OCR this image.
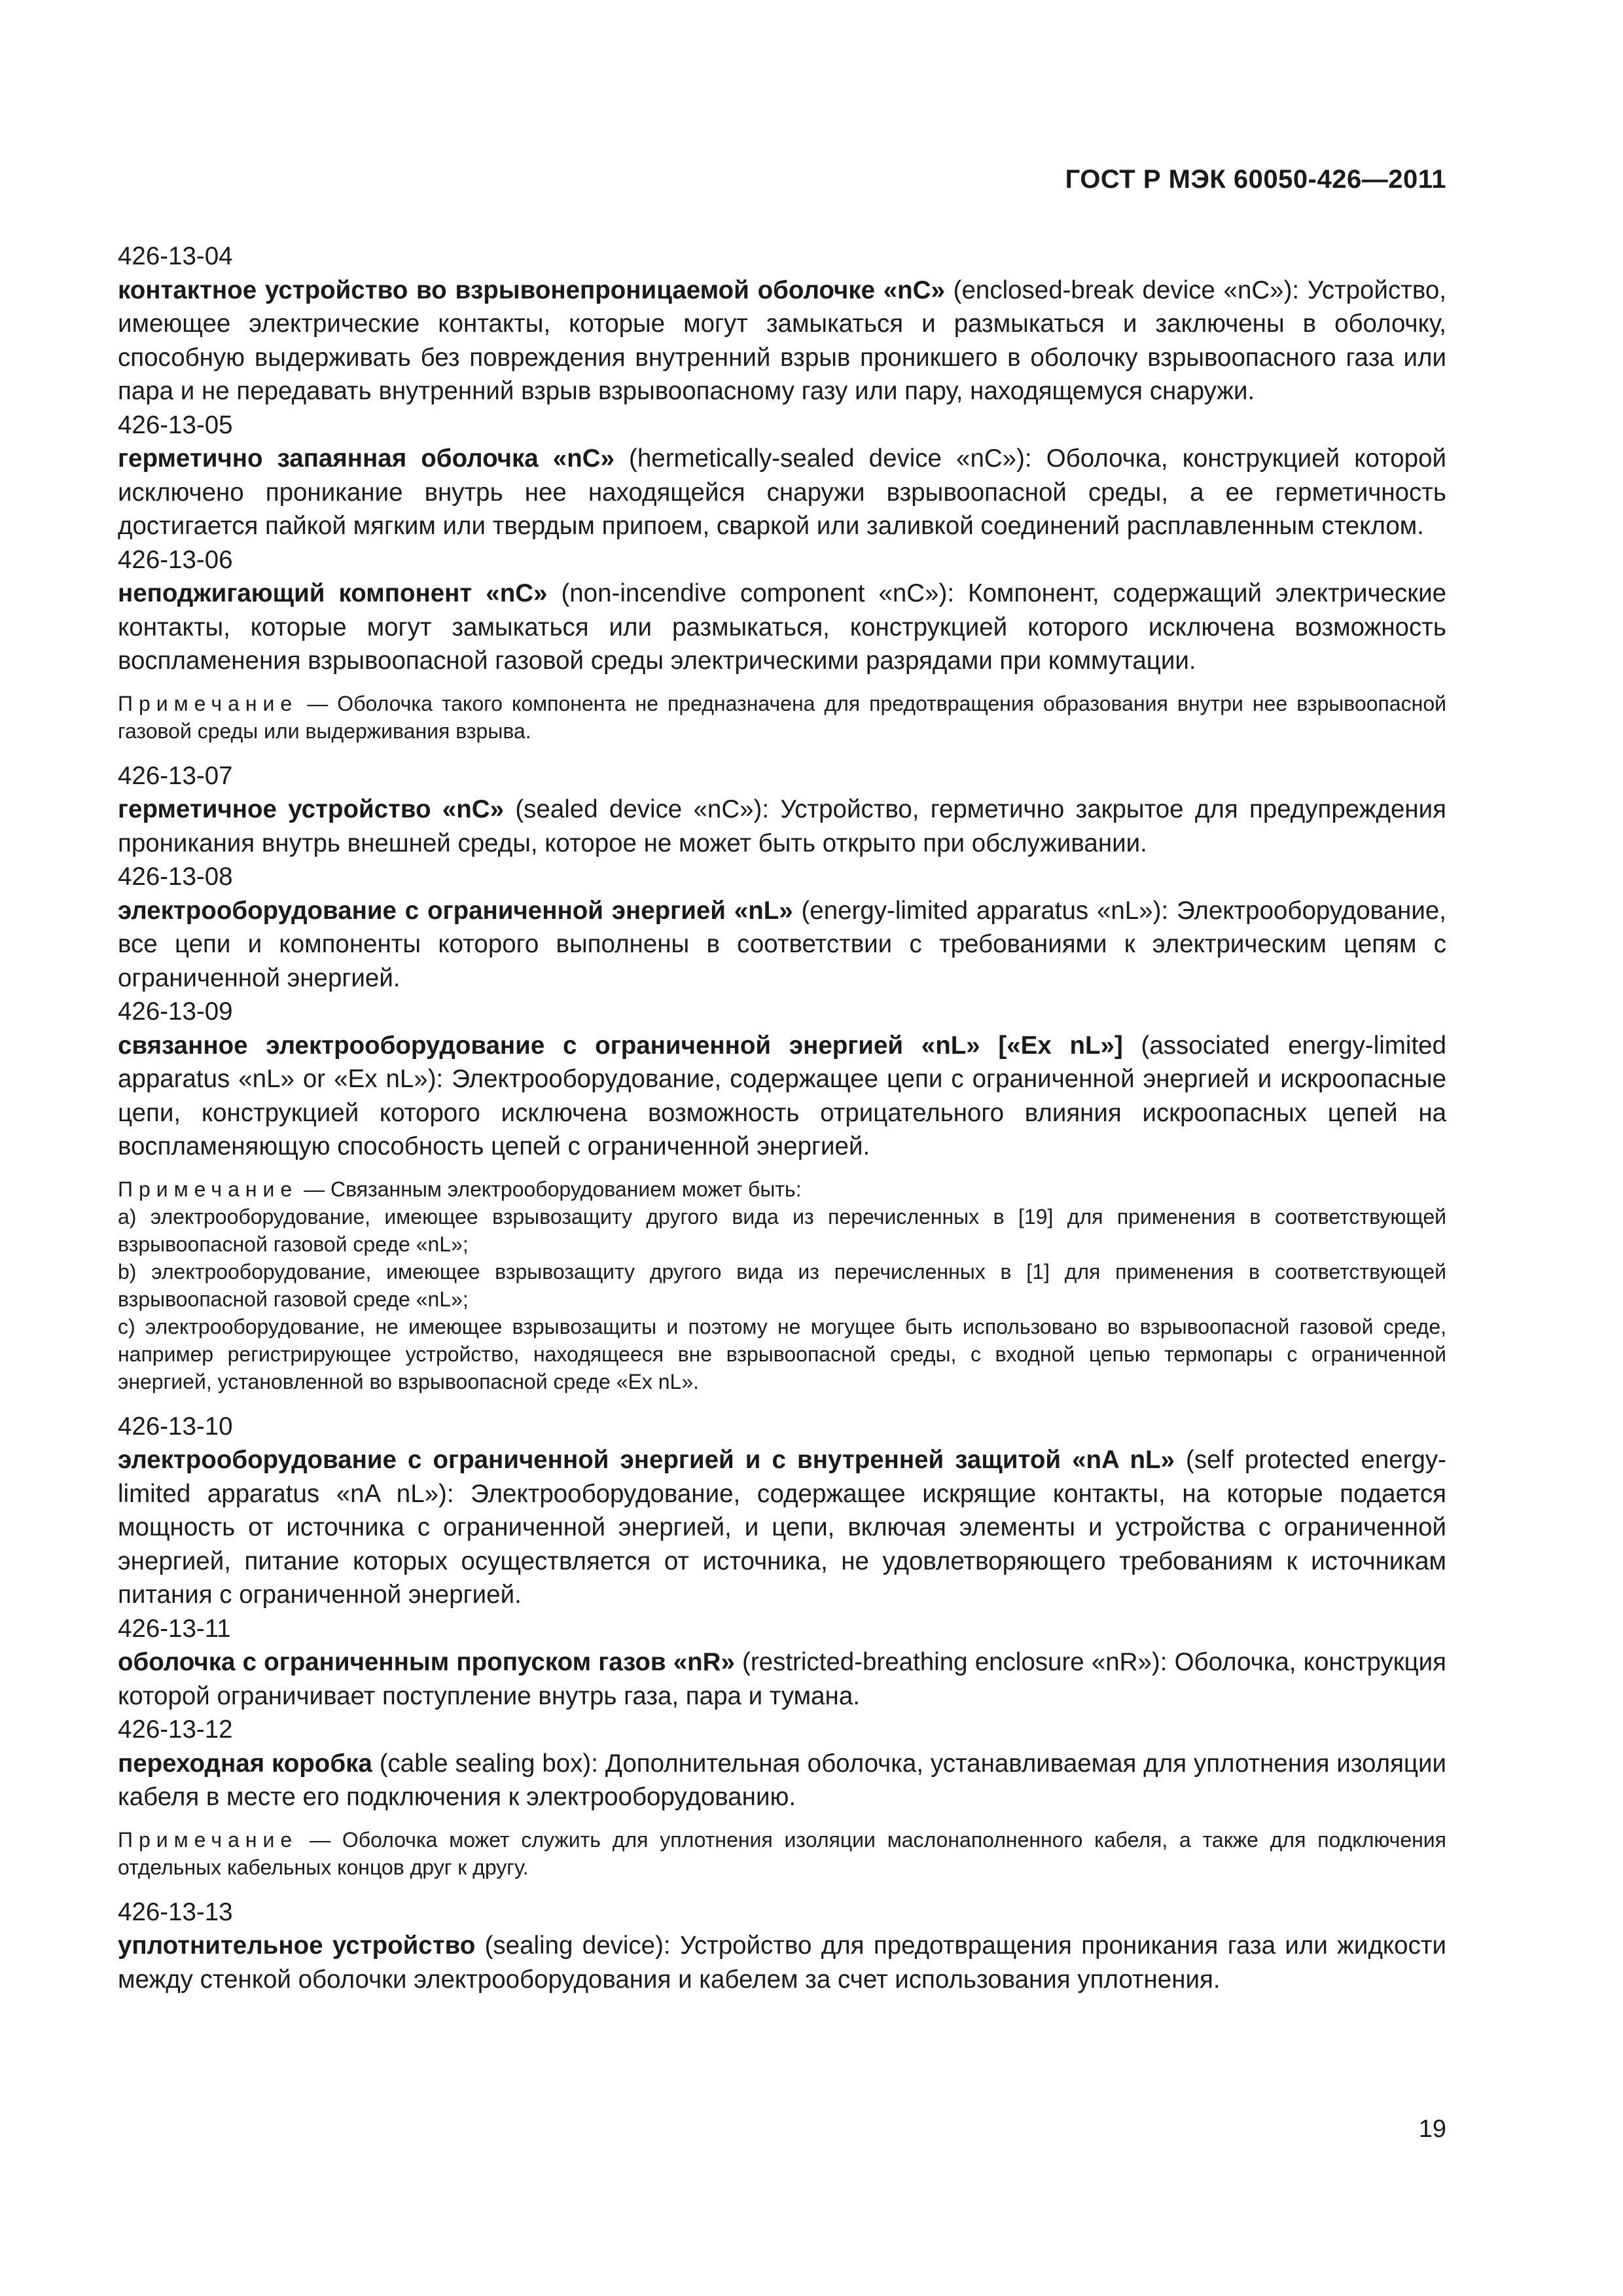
ГОСТ Р МЭК 60050-426—2011
426-13-04
контактное устройство во взрывонепроницаемой оболочке «nC» (enclosed-break device «nC»): Устройство, имеющее электрические контакты, которые могут замыкаться и размыкаться и заключены в оболочку, способную выдерживать без повреждения внутренний взрыв проникшего в оболочку взрывоопасного газа или пара и не передавать внутренний взрыв взрывоопасному газу или пару, находящемуся снаружи.
426-13-05
герметично запаянная оболочка «nC» (hermetically-sealed device «nC»): Оболочка, конструкцией которой исключено проникание внутрь нее находящейся снаружи взрывоопасной среды, а ее герметичность достигается пайкой мягким или твердым припоем, сваркой или заливкой соединений расплавленным стеклом.
426-13-06
неподжигающий компонент «nC» (non-incendive component «nC»): Компонент, содержащий электрические контакты, которые могут замыкаться или размыкаться, конструкцией которого исключена возможность воспламенения взрывоопасной газовой среды электрическими разрядами при коммутации.
Примечание — Оболочка такого компонента не предназначена для предотвращения образования внутри нее взрывоопасной газовой среды или выдерживания взрыва.
426-13-07
герметичное устройство «nC» (sealed device «nC»): Устройство, герметично закрытое для предупреждения проникания внутрь внешней среды, которое не может быть открыто при обслуживании.
426-13-08
электрооборудование с ограниченной энергией «nL» (energy-limited apparatus «nL»): Электрооборудование, все цепи и компоненты которого выполнены в соответствии с требованиями к электрическим цепям с ограниченной энергией.
426-13-09
связанное электрооборудование с ограниченной энергией «nL» [«Ex nL»] (associated energy-limited apparatus «nL» or «Ex nL»): Электрооборудование, содержащее цепи с ограниченной энергией и искроопасные цепи, конструкцией которого исключена возможность отрицательного влияния искроопасных цепей на воспламеняющую способность цепей с ограниченной энергией.
Примечание — Связанным электрооборудованием может быть:
a) электрооборудование, имеющее взрывозащиту другого вида из перечисленных в [19] для применения в соответствующей взрывоопасной газовой среде «nL»;
b) электрооборудование, имеющее взрывозащиту другого вида из перечисленных в [1] для применения в соответствующей взрывоопасной газовой среде «nL»;
c) электрооборудование, не имеющее взрывозащиты и поэтому не могущее быть использовано во взрывоопасной газовой среде, например регистрирующее устройство, находящееся вне взрывоопасной среды, с входной цепью термопары с ограниченной энергией, установленной во взрывоопасной среде «Ex nL».
426-13-10
электрооборудование с ограниченной энергией и с внутренней защитой «nA nL» (self protected energy-limited apparatus «nA nL»): Электрооборудование, содержащее искрящие контакты, на которые подается мощность от источника с ограниченной энергией, и цепи, включая элементы и устройства с ограниченной энергией, питание которых осуществляется от источника, не удовлетворяющего требованиям к источникам питания с ограниченной энергией.
426-13-11
оболочка с ограниченным пропуском газов «nR» (restricted-breathing enclosure «nR»): Оболочка, конструкция которой ограничивает поступление внутрь газа, пара и тумана.
426-13-12
переходная коробка (cable sealing box): Дополнительная оболочка, устанавливаемая для уплотнения изоляции кабеля в месте его подключения к электрооборудованию.
Примечание — Оболочка может служить для уплотнения изоляции маслонаполненного кабеля, а также для подключения отдельных кабельных концов друг к другу.
426-13-13
уплотнительное устройство (sealing device): Устройство для предотвращения проникания газа или жидкости между стенкой оболочки электрооборудования и кабелем за счет использования уплотнения.
19
